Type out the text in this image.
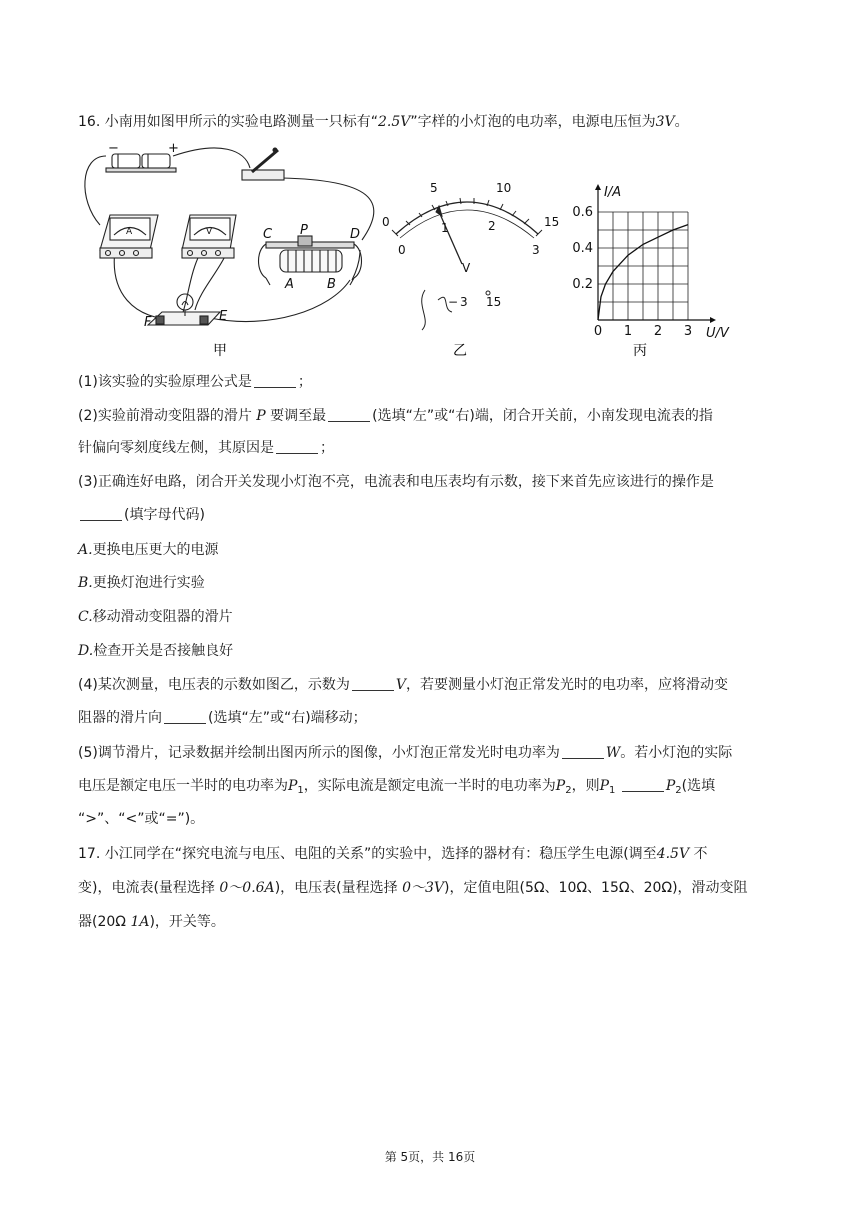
16. 小南用如图甲所示的实验电路测量一只标有“2.5V”字样的小灯泡的电功率，电源电压恒为3V。
−	+
A	V	C P	D
A	B
E
F
甲
0
5	10
15
0
1	2
3
V
− 3 15
乙
0 1 2 3
0.2
0.4
0.6
I/A
U/V
丙
(1)该实验的实验原理公式是	；
(2)实验前滑动变阻器的滑片 P 要调至最	(选填“左”或“右)端，闭合开关前，小南发现电流表的指
针偏向零刻度线左侧，其原因是	；
(3)正确连好电路，闭合开关发现小灯泡不亮，电流表和电压表均有示数，接下来首先应该进行的操作是
(填字母代码)
A.更换电压更大的电源
B.更换灯泡进行实验
C.移动滑动变阻器的滑片
D.检查开关是否接触良好
(4)某次测量，电压表的示数如图乙，示数为	V，若要测量小灯泡正常发光时的电功率，应将滑动变
阻器的滑片向	(选填“左”或“右)端移动；
(5)调节滑片，记录数据并绘制出图丙所示的图像，小灯泡正常发光时电功率为	W。若小灯泡的实际
电压是额定电压一半时的电功率为$P_1$，实际电流是额定电流一半时的电功率为$P_2$，则$P_1$	$P_2$(选填
“>”、“<”或“=”)。
17. 小江同学在“探究电流与电压、电阻的关系”的实验中，选择的器材有：稳压学生电源(调至4.5V 不
变)，电流表(量程选择 0～0.6A)，电压表(量程选择 0～3V)，定值电阻(5Ω、10Ω、15Ω、20Ω)，滑动变阻
器(20Ω 1A)，开关等。
第 5页，共 16页
